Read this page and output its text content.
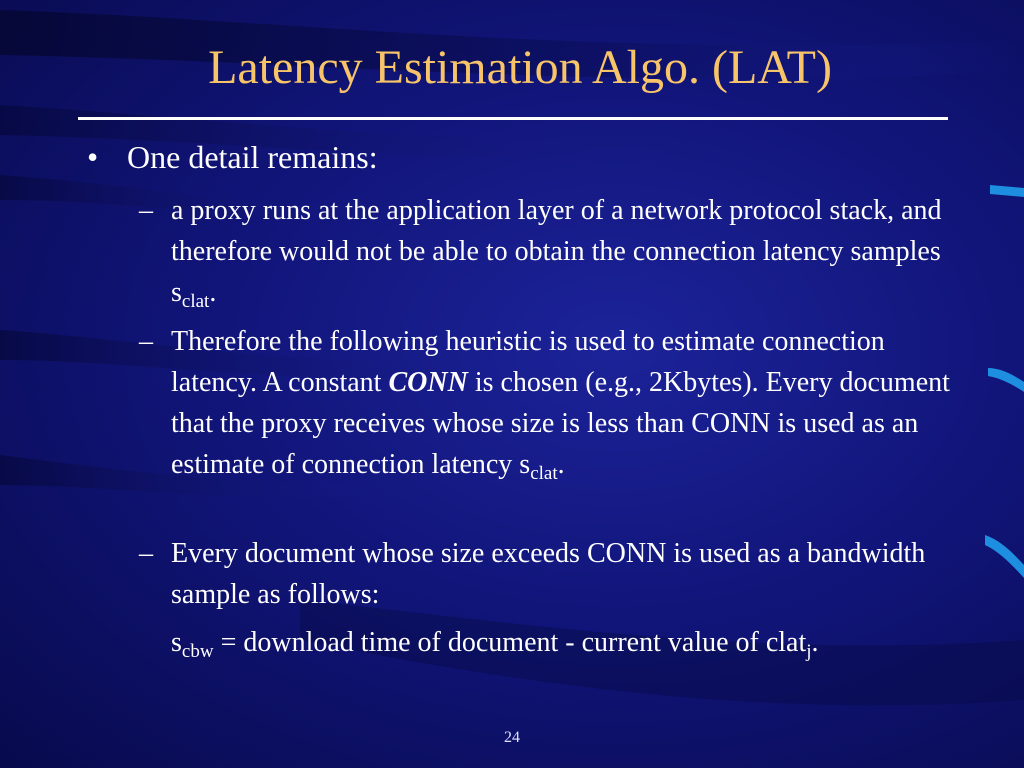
Latency Estimation Algo. (LAT)
• One detail remains:
– a proxy runs at the application layer of a network protocol stack, and therefore would not be able to obtain the connection latency samples $s_{clat}$.
– Therefore the following heuristic is used to estimate connection latency. A constant CONN is chosen (e.g., 2Kbytes). Every document that the proxy receives whose size is less than CONN is used as an estimate of connection latency $s_{clat}$.
– Every document whose size exceeds CONN is used as a bandwidth sample as follows:
$s_{cbw}$ = download time of document - current value of clat$_j$.
24
